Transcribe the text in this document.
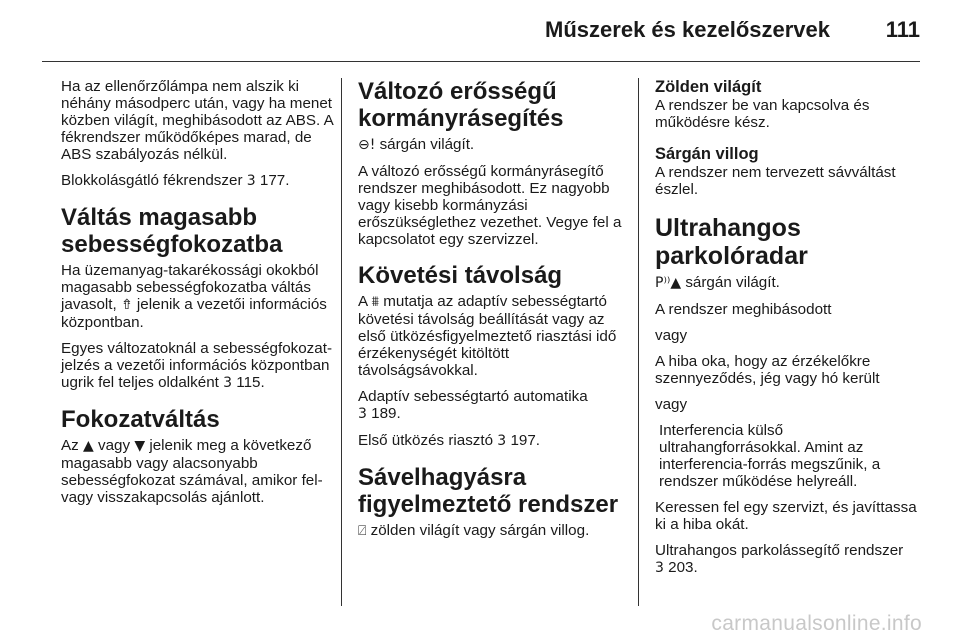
Műszerek és kezelőszervek	111

Ha az ellenőrzőlámpa nem alszik ki néhány másodperc után, vagy ha menet közben világít, meghibásodott az ABS. A fékrendszer működőképes marad, de ABS szabályozás nélkül.

Blokkolásgátló fékrendszer 3 177.

Váltás magasabb sebességfokozatba

Ha üzemanyag-takarékossági okokból magasabb sebességfokozatba váltás javasolt, ⇮ jelenik a vezetői információs központban.

Egyes változatoknál a sebességfokozat-jelzés a vezetői információs központban ugrik fel teljes oldalként 3 115.

Fokozatváltás

Az ▲ vagy ▼ jelenik meg a következő magasabb vagy alacsonyabb sebességfokozat számával, amikor fel- vagy visszakapcsolás ajánlott.

Változó erősségű kormányrásegítés

⊖! sárgán világít.

A változó erősségű kormányrásegítő rendszer meghibásodott. Ez nagyobb vagy kisebb kormányzási erőszükséglethez vezethet. Vegye fel a kapcsolatot egy szervizzel.

Követési távolság

A ⩩ mutatja az adaptív sebességtartó követési távolság beállítását vagy az első ütközésfigyelmeztető riasztási idő érzékenységét kitöltött távolságsávokkal.

Adaptív sebességtartó automatika
3 189.

Első ütközés riasztó 3 197.

Sávelhagyásra figyelmeztető rendszer

⍁ zölden világít vagy sárgán villog.

Zölden világít

A rendszer be van kapcsolva és működésre kész.

Sárgán villog

A rendszer nem tervezett sávváltást észlel.

Ultrahangos parkolóradar

P⁾⁾▲ sárgán világít.

A rendszer meghibásodott

vagy

A hiba oka, hogy az érzékelőkre szennyeződés, jég vagy hó került

vagy

Interferencia külső ultrahangforrásokkal. Amint az interferencia-forrás megszűnik, a rendszer működése helyreáll.

Keressen fel egy szervizt, és javíttassa ki a hiba okát.

Ultrahangos parkolássegítő rendszer
3 203.

carmanualsonline.info
